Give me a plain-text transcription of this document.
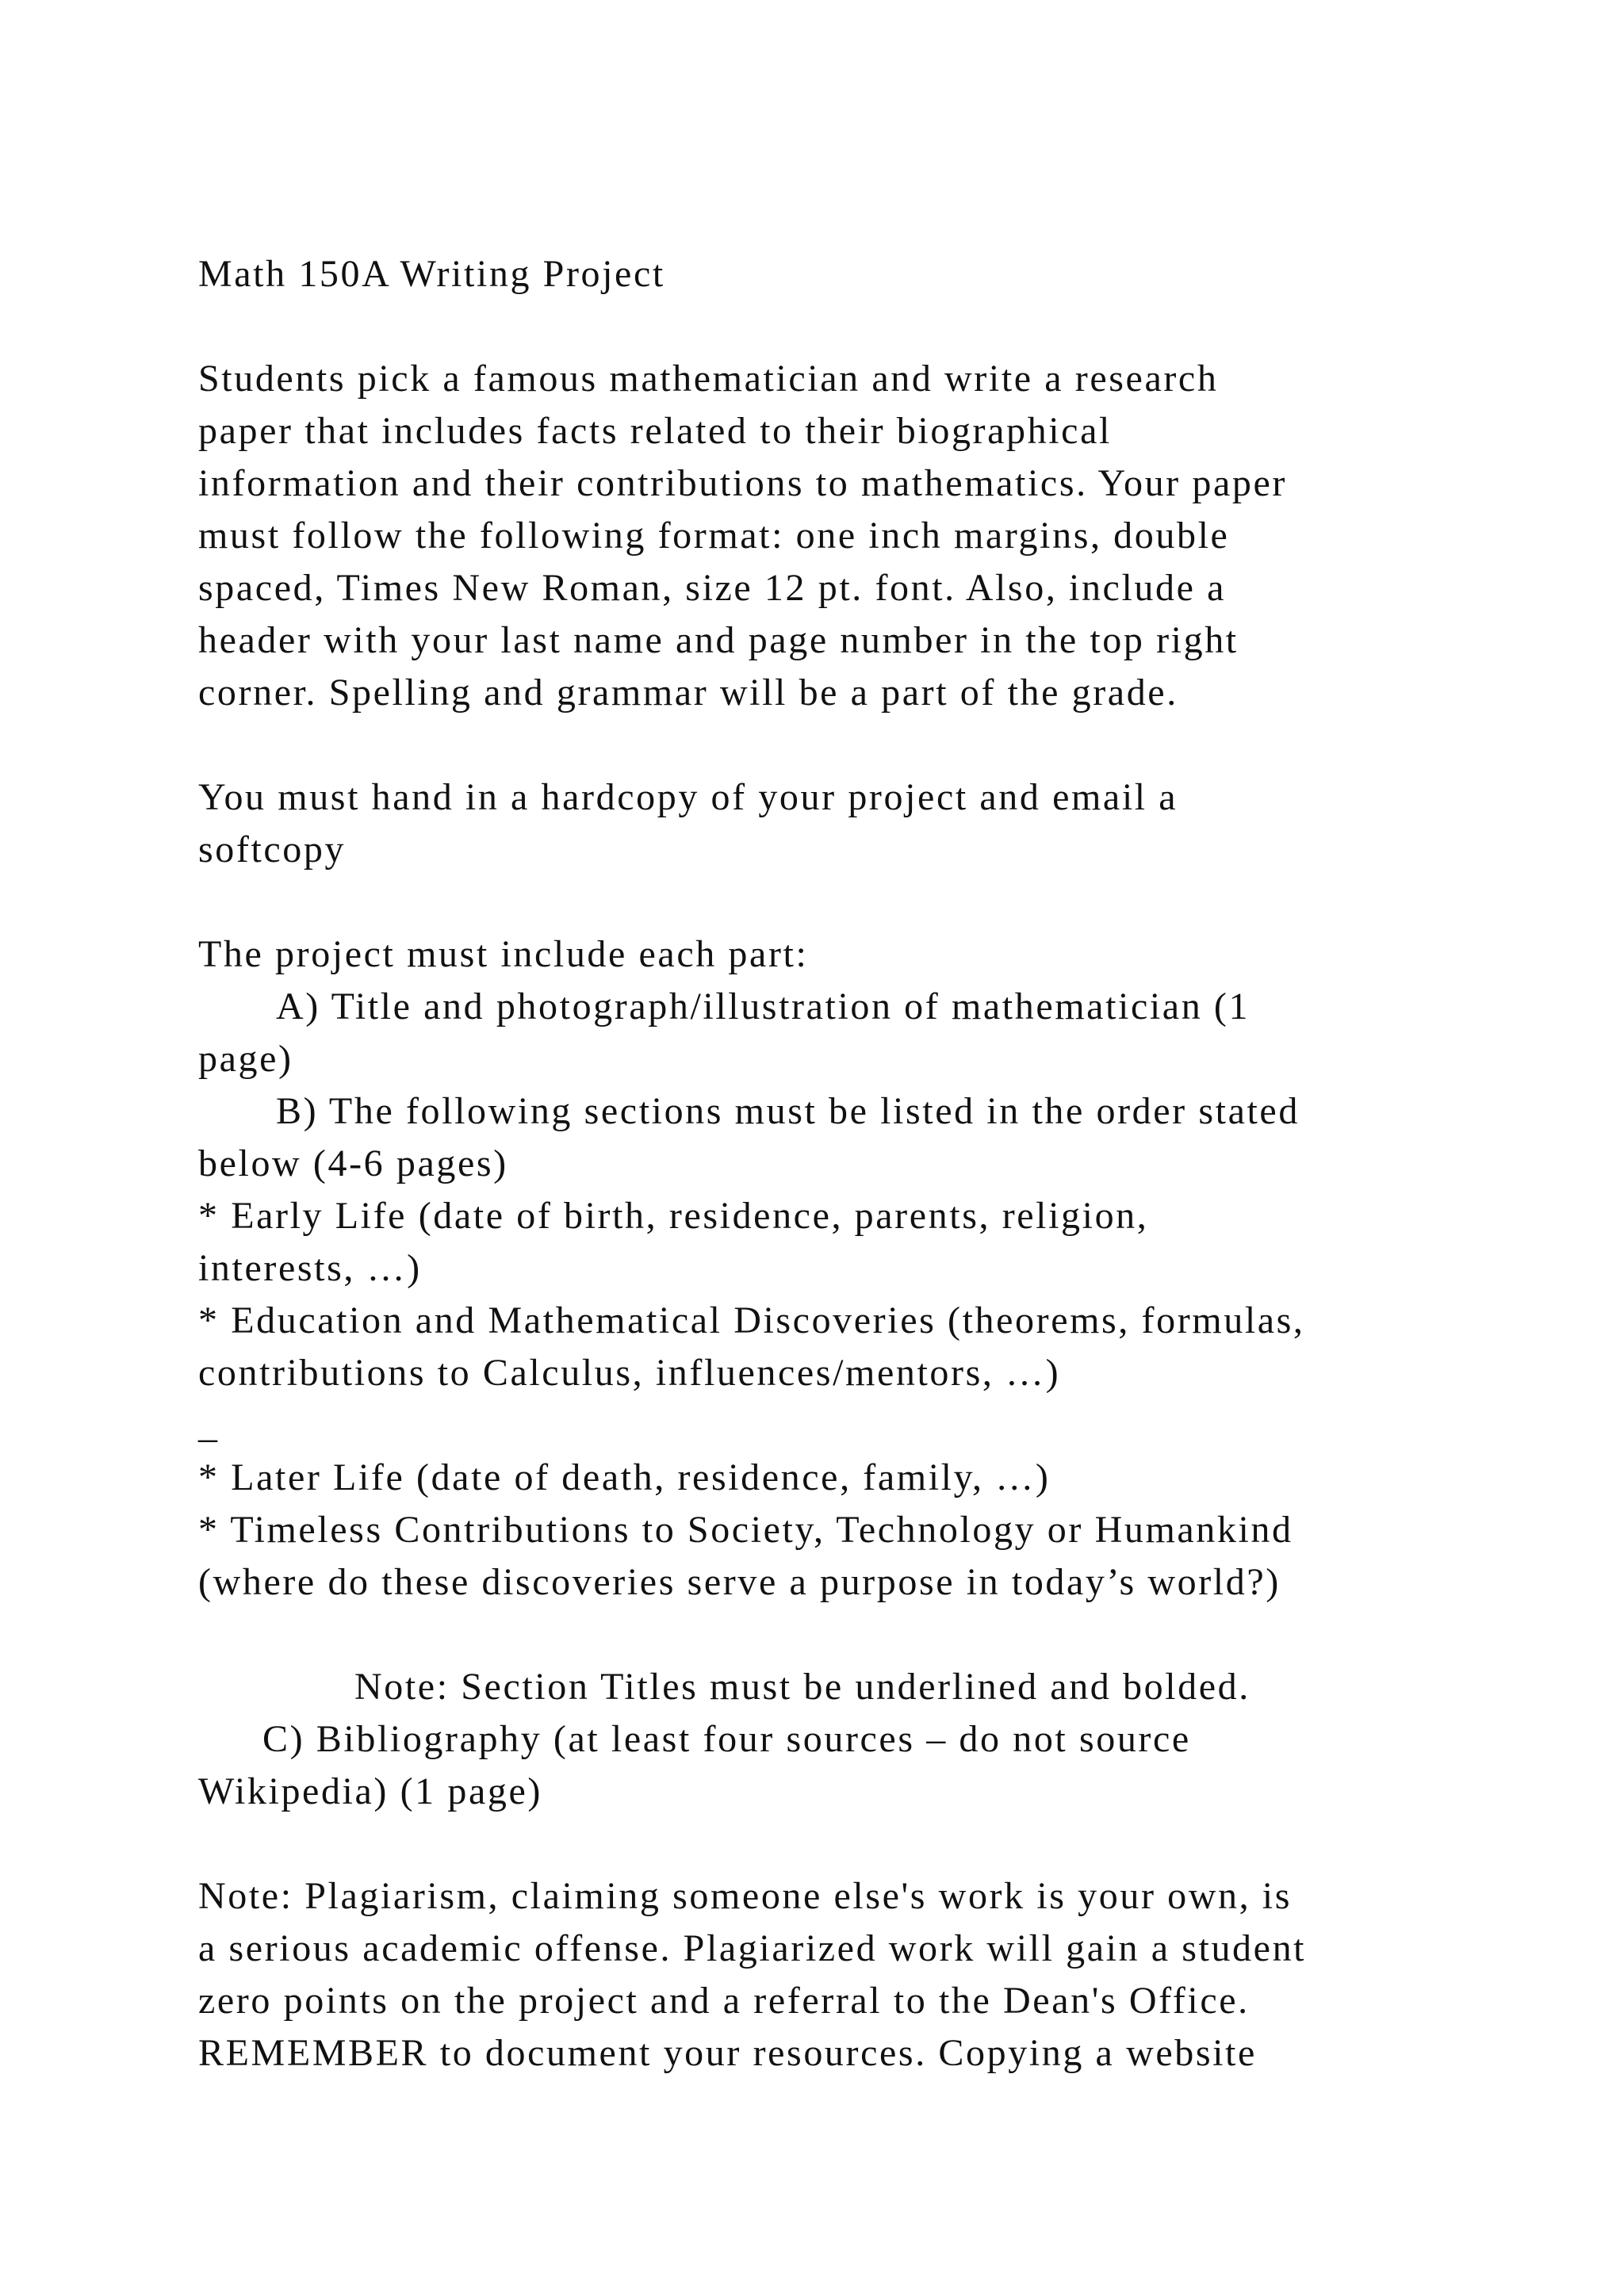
Math 150A Writing Project

Students pick a famous mathematician and write a research

paper that includes facts related to their biographical

information and their contributions to mathematics. Your paper

must follow the following format: one inch margins, double

spaced, Times New Roman, size 12 pt. font. Also, include a

header with your last name and page number in the top right

corner. Spelling and grammar will be a part of the grade.

You must hand in a hardcopy of your project and email a

softcopy

The project must include each part:

A) Title and photograph/illustration of mathematician (1

page)

B) The following sections must be listed in the order stated

below (4-6 pages)

* Early Life (date of birth, residence, parents, religion,

interests, …)

* Education and Mathematical Discoveries (theorems, formulas,

contributions to Calculus, influences/mentors, …)

_

* Later Life (date of death, residence, family, …)

* Timeless Contributions to Society, Technology or Humankind

(where do these discoveries serve a purpose in today’s world?)

Note: Section Titles must be underlined and bolded.

C) Bibliography (at least four sources – do not source

Wikipedia) (1 page)

Note: Plagiarism, claiming someone else's work is your own, is

a serious academic offense. Plagiarized work will gain a student

zero points on the project and a referral to the Dean's Office.

REMEMBER to document your resources. Copying a website
